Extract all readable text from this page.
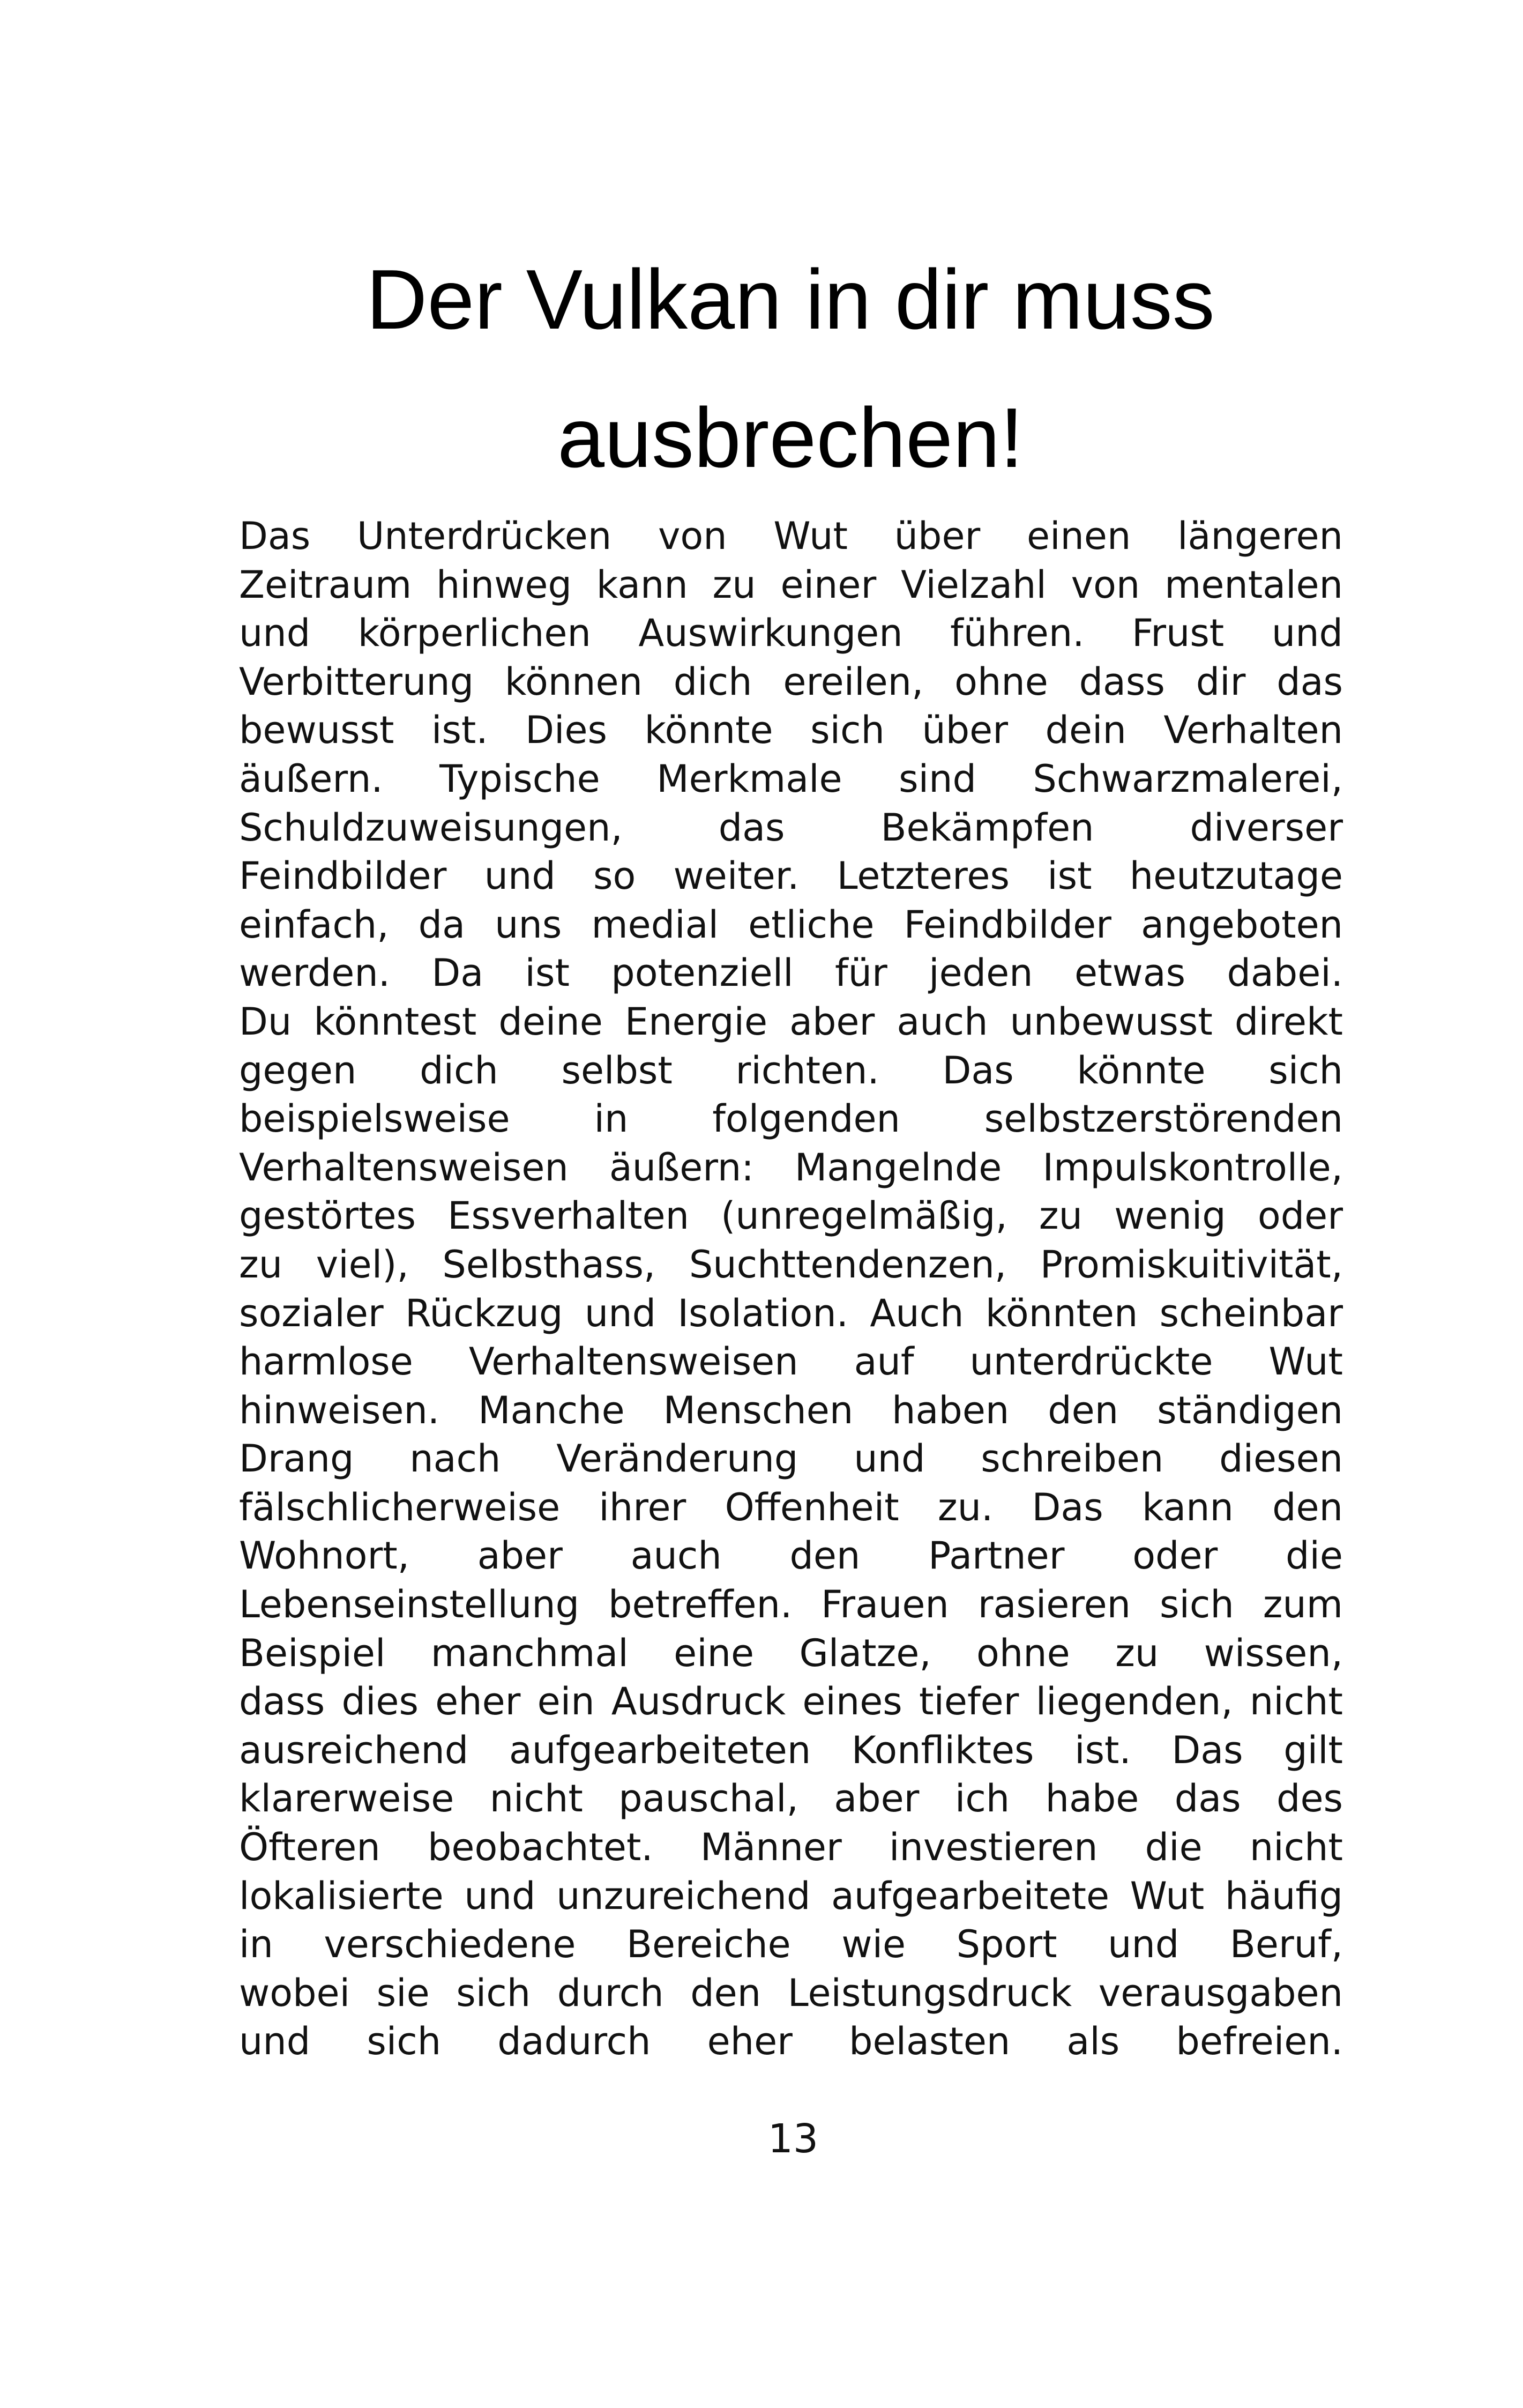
Der Vulkan in dir muss
ausbrechen!
Das Unterdrücken von Wut über einen längeren
Zeitraum hinweg kann zu einer Vielzahl von mentalen
und körperlichen Auswirkungen führen. Frust und
Verbitterung können dich ereilen, ohne dass dir das
bewusst ist. Dies könnte sich über dein Verhalten
äußern. Typische Merkmale sind Schwarzmalerei,
Schuldzuweisungen, das Bekämpfen diverser
Feindbilder und so weiter. Letzteres ist heutzutage
einfach, da uns medial etliche Feindbilder angeboten
werden. Da ist potenziell für jeden etwas dabei.
Du könntest deine Energie aber auch unbewusst direkt
gegen dich selbst richten. Das könnte sich
beispielsweise in folgenden selbstzerstörenden
Verhaltensweisen äußern: Mangelnde Impulskontrolle,
gestörtes Essverhalten (unregelmäßig, zu wenig oder
zu viel), Selbsthass, Suchttendenzen, Promiskuitivität,
sozialer Rückzug und Isolation. Auch könnten scheinbar
harmlose Verhaltensweisen auf unterdrückte Wut
hinweisen. Manche Menschen haben den ständigen
Drang nach Veränderung und schreiben diesen
fälschlicherweise ihrer Offenheit zu. Das kann den
Wohnort, aber auch den Partner oder die
Lebenseinstellung betreffen. Frauen rasieren sich zum
Beispiel manchmal eine Glatze, ohne zu wissen,
dass dies eher ein Ausdruck eines tiefer liegenden, nicht
ausreichend aufgearbeiteten Konfliktes ist. Das gilt
klarerweise nicht pauschal, aber ich habe das des
Öfteren beobachtet. Männer investieren die nicht
lokalisierte und unzureichend aufgearbeitete Wut häufig
in verschiedene Bereiche wie Sport und Beruf,
wobei sie sich durch den Leistungsdruck verausgaben
und sich dadurch eher belasten als befreien.
13
